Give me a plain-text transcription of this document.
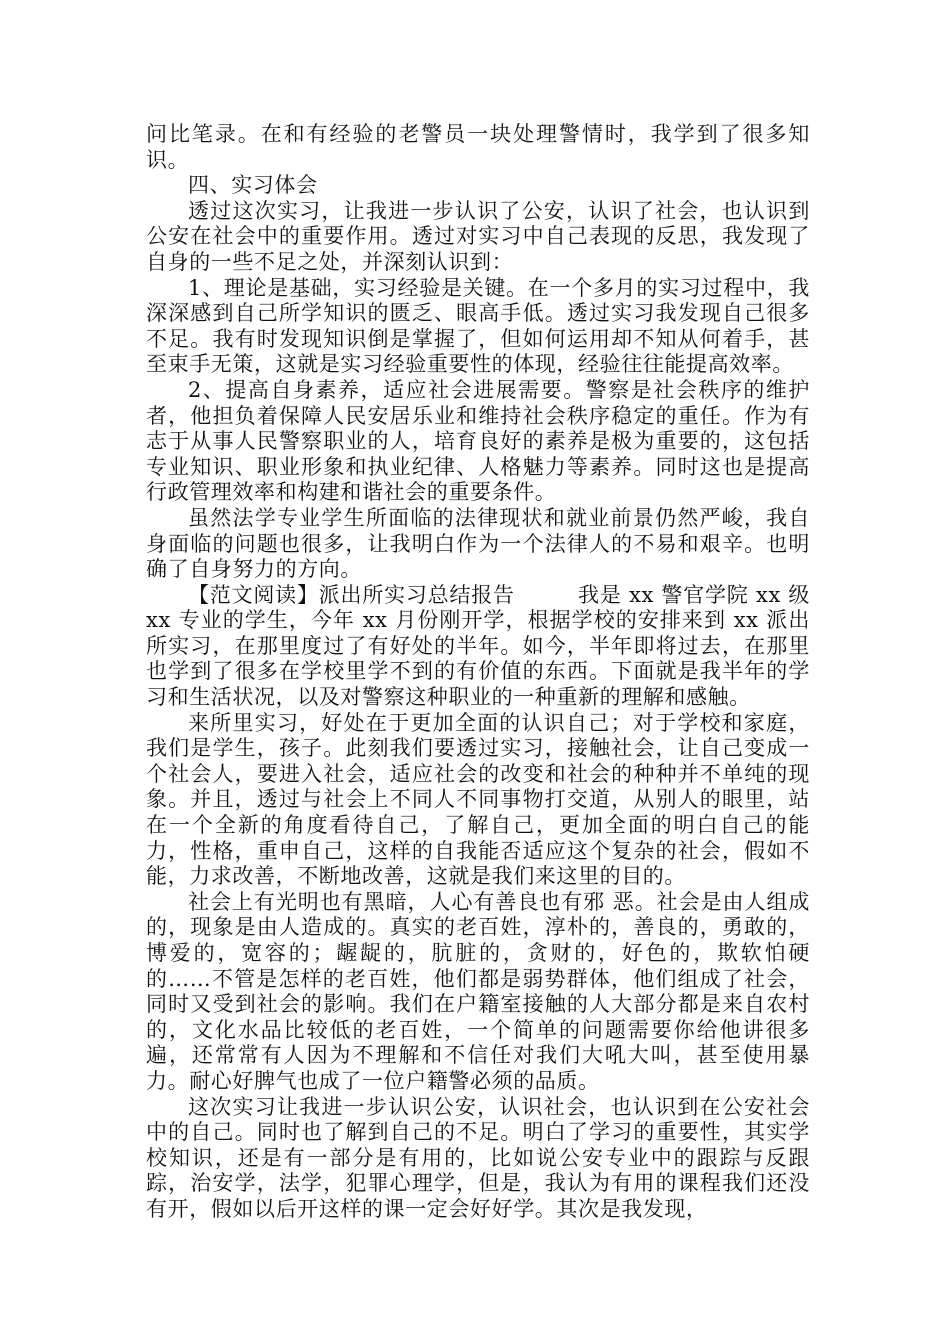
问比笔录。在和有经验的老警员一块处理警情时，我学到了很多知识。

四、实习体会

透过这次实习，让我进一步认识了公安，认识了社会，也认识到公安在社会中的重要作用。透过对实习中自己表现的反思，我发现了自身的一些不足之处，并深刻认识到：

1、理论是基础，实习经验是关键。在一个多月的实习过程中，我深深感到自己所学知识的匮乏、眼高手低。透过实习我发现自己很多不足。我有时发现知识倒是掌握了，但如何运用却不知从何着手，甚至束手无策，这就是实习经验重要性的体现，经验往往能提高效率。

2、提高自身素养，适应社会进展需要。警察是社会秩序的维护者，他担负着保障人民安居乐业和维持社会秩序稳定的重任。作为有志于从事人民警察职业的人，培育良好的素养是极为重要的，这包括专业知识、职业形象和执业纪律、人格魅力等素养。同时这也是提高行政管理效率和构建和谐社会的重要条件。

虽然法学专业学生所面临的法律现状和就业前景仍然严峻，我自身面临的问题也很多，让我明白作为一个法律人的不易和艰辛。也明确了自身努力的方向。

【范文阅读】派出所实习总结报告	我是 xx 警官学院 xx 级 xx 专业的学生，今年 xx 月份刚开学，根据学校的安排来到 xx 派出所实习，在那里度过了有好处的半年。如今，半年即将过去，在那里也学到了很多在学校里学不到的有价值的东西。下面就是我半年的学习和生活状况，以及对警察这种职业的一种重新的理解和感触。

来所里实习，好处在于更加全面的认识自己；对于学校和家庭，我们是学生，孩子。此刻我们要透过实习，接触社会，让自己变成一个社会人，要进入社会，适应社会的改变和社会的种种并不单纯的现象。并且，透过与社会上不同人不同事物打交道，从别人的眼里，站在一个全新的角度看待自己，了解自己，更加全面的明白自己的能力，性格，重申自己，这样的自我能否适应这个复杂的社会，假如不能，力求改善，不断地改善，这就是我们来这里的目的。

社会上有光明也有黑暗，人心有善良也有邪 恶。社会是由人组成的，现象是由人造成的。真实的老百姓，淳朴的，善良的，勇敢的，博爱的，宽容的；龌龊的，肮脏的，贪财的，好色的，欺软怕硬的……不管是怎样的老百姓，他们都是弱势群体，他们组成了社会，同时又受到社会的影响。我们在户籍室接触的人大部分都是来自农村的，文化水品比较低的老百姓，一个简单的问题需要你给他讲很多遍，还常常有人因为不理解和不信任对我们大吼大叫，甚至使用暴力。耐心好脾气也成了一位户籍警必须的品质。

这次实习让我进一步认识公安，认识社会，也认识到在公安社会中的自己。同时也了解到自己的不足。明白了学习的重要性，其实学校知识，还是有一部分是有用的，比如说公安专业中的跟踪与反跟踪，治安学，法学，犯罪心理学，但是，我认为有用的课程我们还没有开，假如以后开这样的课一定会好好学。其次是我发现，
